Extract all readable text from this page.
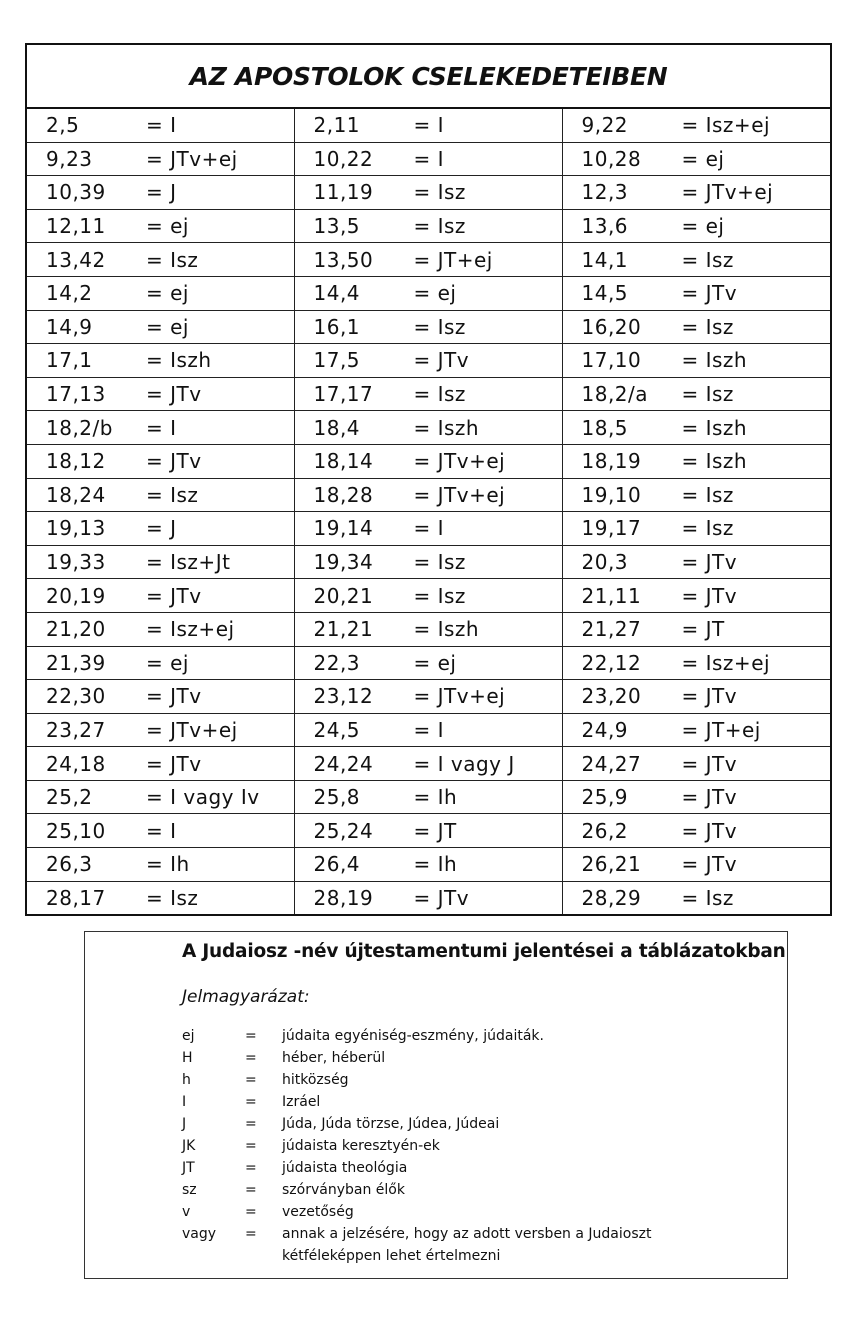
AZ APOSTOLOK CSELEKEDETEIBEN		

2,5 = I	2,11 = I	9,22 = Isz+ej

9,23 = JTv+ej	10,22 = I	10,28 = ej

10,39 = J	11,19 = Isz	12,3 = JTv+ej

12,11 = ej	13,5 = Isz	13,6 = ej

13,42 = Isz	13,50 = JT+ej	14,1 = Isz

14,2 = ej	14,4 = ej	14,5 = JTv

14,9 = ej	16,1 = Isz	16,20 = Isz

17,1 = Iszh	17,5 = JTv	17,10 = Iszh

17,13 = JTv	17,17 = Isz	18,2/a = Isz

18,2/b = I	18,4 = Iszh	18,5 = Iszh

18,12 = JTv	18,14 = JTv+ej	18,19 = Iszh

18,24 = Isz	18,28 = JTv+ej	19,10 = Isz

19,13 = J	19,14 = I	19,17 = Isz

19,33 = Isz+Jt	19,34 = Isz	20,3 = JTv

20,19 = JTv	20,21 = Isz	21,11 = JTv

21,20 = Isz+ej	21,21 = Iszh	21,27 = JT

21,39 = ej	22,3 = ej	22,12 = Isz+ej

22,30 = JTv	23,12 = JTv+ej	23,20 = JTv

23,27 = JTv+ej	24,5 = I	24,9 = JT+ej

24,18 = JTv	24,24 = I vagy J	24,27 = JTv

25,2 = I vagy Iv	25,8 = Ih	25,9 = JTv

25,10 = I	25,24 = JT	26,2 = JTv

26,3 = Ih	26,4 = Ih	26,21 = JTv

28,17 = Isz	28,19 = JTv	28,29 = Isz
A Judaiosz -név újtestamentumi jelentései a táblázatokban
Jelmagyarázat:
ej	=	júdaita egyéniség-eszmény, júdaiták.
H	=	héber, héberül
h	=	hitközség
I	=	Izráel
J	=	Júda, Júda törzse, Júdea, Júdeai
JK	=	júdaista keresztyén-ek
JT	=	júdaista theológia
sz	=	szórványban élők
v	=	vezetőség
vagy	=	annak a jelzésére, hogy az adott versben a Judaioszt
kétféleképpen lehet értelmezni
